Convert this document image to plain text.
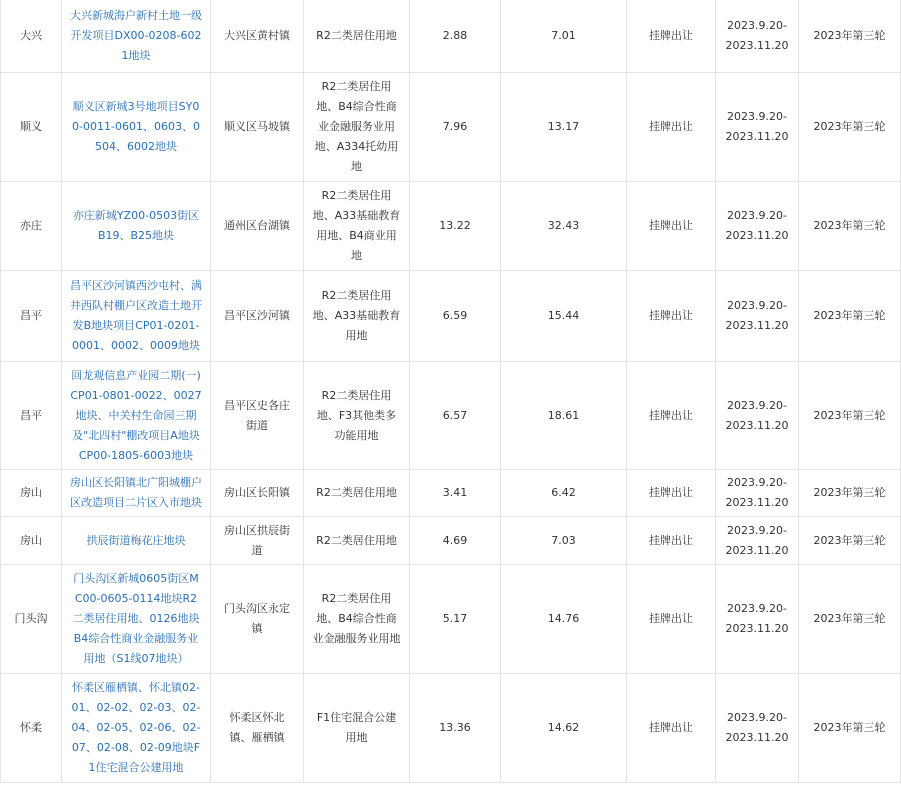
大兴	大兴新城海户新村土地一级开发项目DX00-0208-6021地块	大兴区黄村镇	R2二类居住用地	2.88	7.01	挂牌出让	2023.9.20-2023.11.20	2023年第三轮
顺义	顺义区新城3号地项目SY00-0011-0601、0603、0504、6002地块	顺义区马坡镇	R2二类居住用地、B4综合性商业金融服务业用地、A334托幼用地	7.96	13.17	挂牌出让	2023.9.20-2023.11.20	2023年第三轮
亦庄	亦庄新城YZ00-0503街区B19、B25地块	通州区台湖镇	R2二类居住用地、A33基础教育用地、B4商业用地	13.22	32.43	挂牌出让	2023.9.20-2023.11.20	2023年第三轮
昌平	昌平区沙河镇西沙屯村、满井西队村棚户区改造土地开发B地块项目CP01-0201-0001、0002、0009地块	昌平区沙河镇	R2二类居住用地、A33基础教育用地	6.59	15.44	挂牌出让	2023.9.20-2023.11.20	2023年第三轮
昌平	回龙观信息产业园二期(一)CP01-0801-0022、0027地块、中关村生命园三期及"北四村"棚改项目A地块CP00-1805-6003地块	昌平区史各庄街道	R2二类居住用地、F3其他类多功能用地	6.57	18.61	挂牌出让	2023.9.20-2023.11.20	2023年第三轮
房山	房山区长阳镇北广阳城棚户区改造项目二片区入市地块	房山区长阳镇	R2二类居住用地	3.41	6.42	挂牌出让	2023.9.20-2023.11.20	2023年第三轮
房山	拱辰街道梅花庄地块	房山区拱辰街道	R2二类居住用地	4.69	7.03	挂牌出让	2023.9.20-2023.11.20	2023年第三轮
门头沟	门头沟区新城0605街区MC00-0605-0114地块R2二类居住用地、0126地块B4综合性商业金融服务业用地（S1线07地块）	门头沟区永定镇	R2二类居住用地、B4综合性商业金融服务业用地	5.17	14.76	挂牌出让	2023.9.20-2023.11.20	2023年第三轮
怀柔	怀柔区雁栖镇、怀北镇02-01、02-02、02-03、02-04、02-05、02-06、02-07、02-08、02-09地块F1住宅混合公建用地	怀柔区怀北镇、雁栖镇	F1住宅混合公建用地	13.36	14.62	挂牌出让	2023.9.20-2023.11.20	2023年第三轮
